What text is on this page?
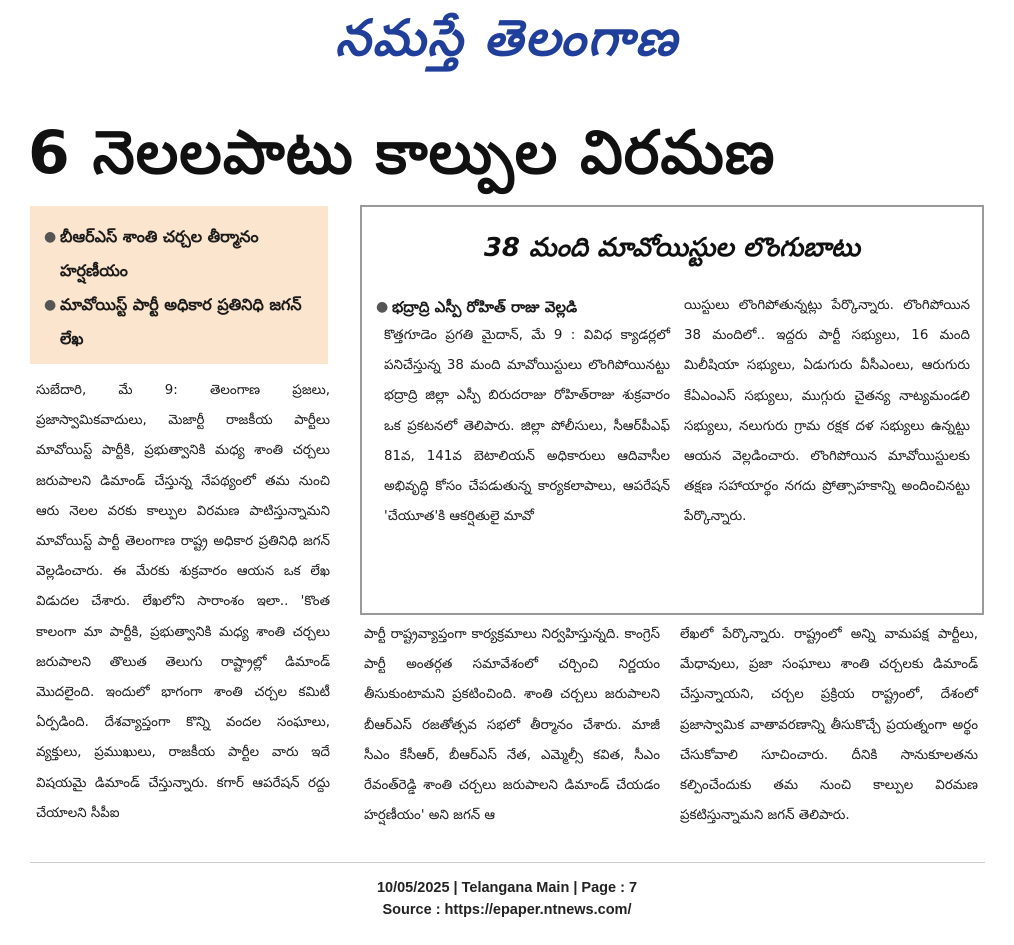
నమస్తే తెలంగాణ
6 నెలలపాటు కాల్పుల విరమణ
● బీఆర్‌ఎస్ శాంతి చర్చల తీర్మానం హర్షణీయం
● మావోయిస్ట్ పార్టీ అధికార ప్రతినిధి జగన్ లేఖ

సుబేదారి, మే 9: తెలంగాణ ప్రజలు, ప్రజాస్వామికవాదులు, మెజార్టీ రాజకీయ పార్టీలు మావోయిస్ట్ పార్టీకి, ప్రభుత్వానికి మధ్య శాంతి చర్చలు జరుపాలని డిమాండ్ చేస్తున్న నేపథ్యంలో తమ నుంచి ఆరు నెలల వరకు కాల్పుల విరమణ పాటిస్తున్నామని మావోయిస్ట్ పార్టీ తెలంగాణ రాష్ట్ర అధికార ప్రతినిధి జగన్ వెల్లడించారు. ఈ మేరకు శుక్రవారం ఆయన ఒక లేఖ విడుదల చేశారు. లేఖలోని సారాంశం ఇలా.. 'కొంత కాలంగా మా పార్టీకి, ప్రభుత్వానికి మధ్య శాంతి చర్చలు జరుపాలని తొలుత తెలుగు రాష్ట్రాల్లో డిమాండ్ మొదలైంది. ఇందులో భాగంగా శాంతి చర్చల కమిటీ ఏర్పడింది. దేశవ్యాప్తంగా కొన్ని వందల సంఘాలు, వ్యక్తులు, ప్రముఖులు, రాజకీయ పార్టీల వారు ఇదే విషయమై డిమాండ్ చేస్తున్నారు. కగార్ ఆపరేషన్ రద్దు చేయాలని సీపీఐ

38 మంది మావోయిస్టుల లొంగుబాటు
● భద్రాద్రి ఎస్పీ రోహిత్ రాజు వెల్లడి

కొత్తగూడెం ప్రగతి మైదాన్, మే 9 : వివిధ క్యాడర్లలో పనిచేస్తున్న 38 మంది మావోయిస్టులు లొంగిపోయినట్టు భద్రాద్రి జిల్లా ఎస్పీ బిరుదరాజు రోహిత్‌రాజు శుక్రవారం ఒక ప్రకటనలో తెలిపారు. జిల్లా పోలీసులు, సీఆర్‌పీఎఫ్ 81వ, 141వ బెటాలియన్ అధికారులు ఆదివాసీల అభివృద్ధి కోసం చేపడుతున్న కార్యకలాపాలు, ఆపరేషన్ 'చేయూత'కి ఆకర్షితులై మావో

యిస్టులు లొంగిపోతున్నట్లు పేర్కొన్నారు. లొంగిపోయిన 38 మందిలో.. ఇద్దరు పార్టీ సభ్యులు, 16 మంది మిలీషియా సభ్యులు, ఏడుగురు వీసీఎంలు, ఆరుగురు కేఏఎంఎస్ సభ్యులు, ముగ్గురు చైతన్య నాట్యమండలి సభ్యులు, నలుగురు గ్రామ రక్షక దళ సభ్యులు ఉన్నట్టు ఆయన వెల్లడించారు. లొంగిపోయిన మావోయిస్టులకు తక్షణ సహాయార్థం నగదు ప్రోత్సాహకాన్ని అందించినట్టు పేర్కొన్నారు.

పార్టీ రాష్ట్రవ్యాప్తంగా కార్యక్రమాలు నిర్వహిస్తున్నది. కాంగ్రెస్ పార్టీ అంతర్గత సమావేశంలో చర్చించి నిర్ణయం తీసుకుంటామని ప్రకటించింది. శాంతి చర్చలు జరుపాలని బీఆర్‌ఎస్ రజతోత్సవ సభలో తీర్మానం చేశారు. మాజీ సీఎం కేసీఆర్, బీఆర్‌ఎస్ నేత, ఎమ్మెల్సీ కవిత, సీఎం రేవంత్‌రెడ్డి శాంతి చర్చలు జరుపాలని డిమాండ్ చేయడం హర్షణీయం' అని జగన్ ఆ

లేఖలో పేర్కొన్నారు. రాష్ట్రంలో అన్ని వామపక్ష పార్టీలు, మేధావులు, ప్రజా సంఘాలు శాంతి చర్చలకు డిమాండ్ చేస్తున్నాయని, చర్చల ప్రక్రియ రాష్ట్రంలో, దేశంలో ప్రజాస్వామిక వాతావరణాన్ని తీసుకొచ్చే ప్రయత్నంగా అర్థం చేసుకోవాలి సూచించారు. దీనికి సానుకూలతను కల్పించేందుకు తమ నుంచి కాల్పుల విరమణ ప్రకటిస్తున్నామని జగన్ తెలిపారు.

10/05/2025 | Telangana Main | Page : 7
Source : https://epaper.ntnews.com/
